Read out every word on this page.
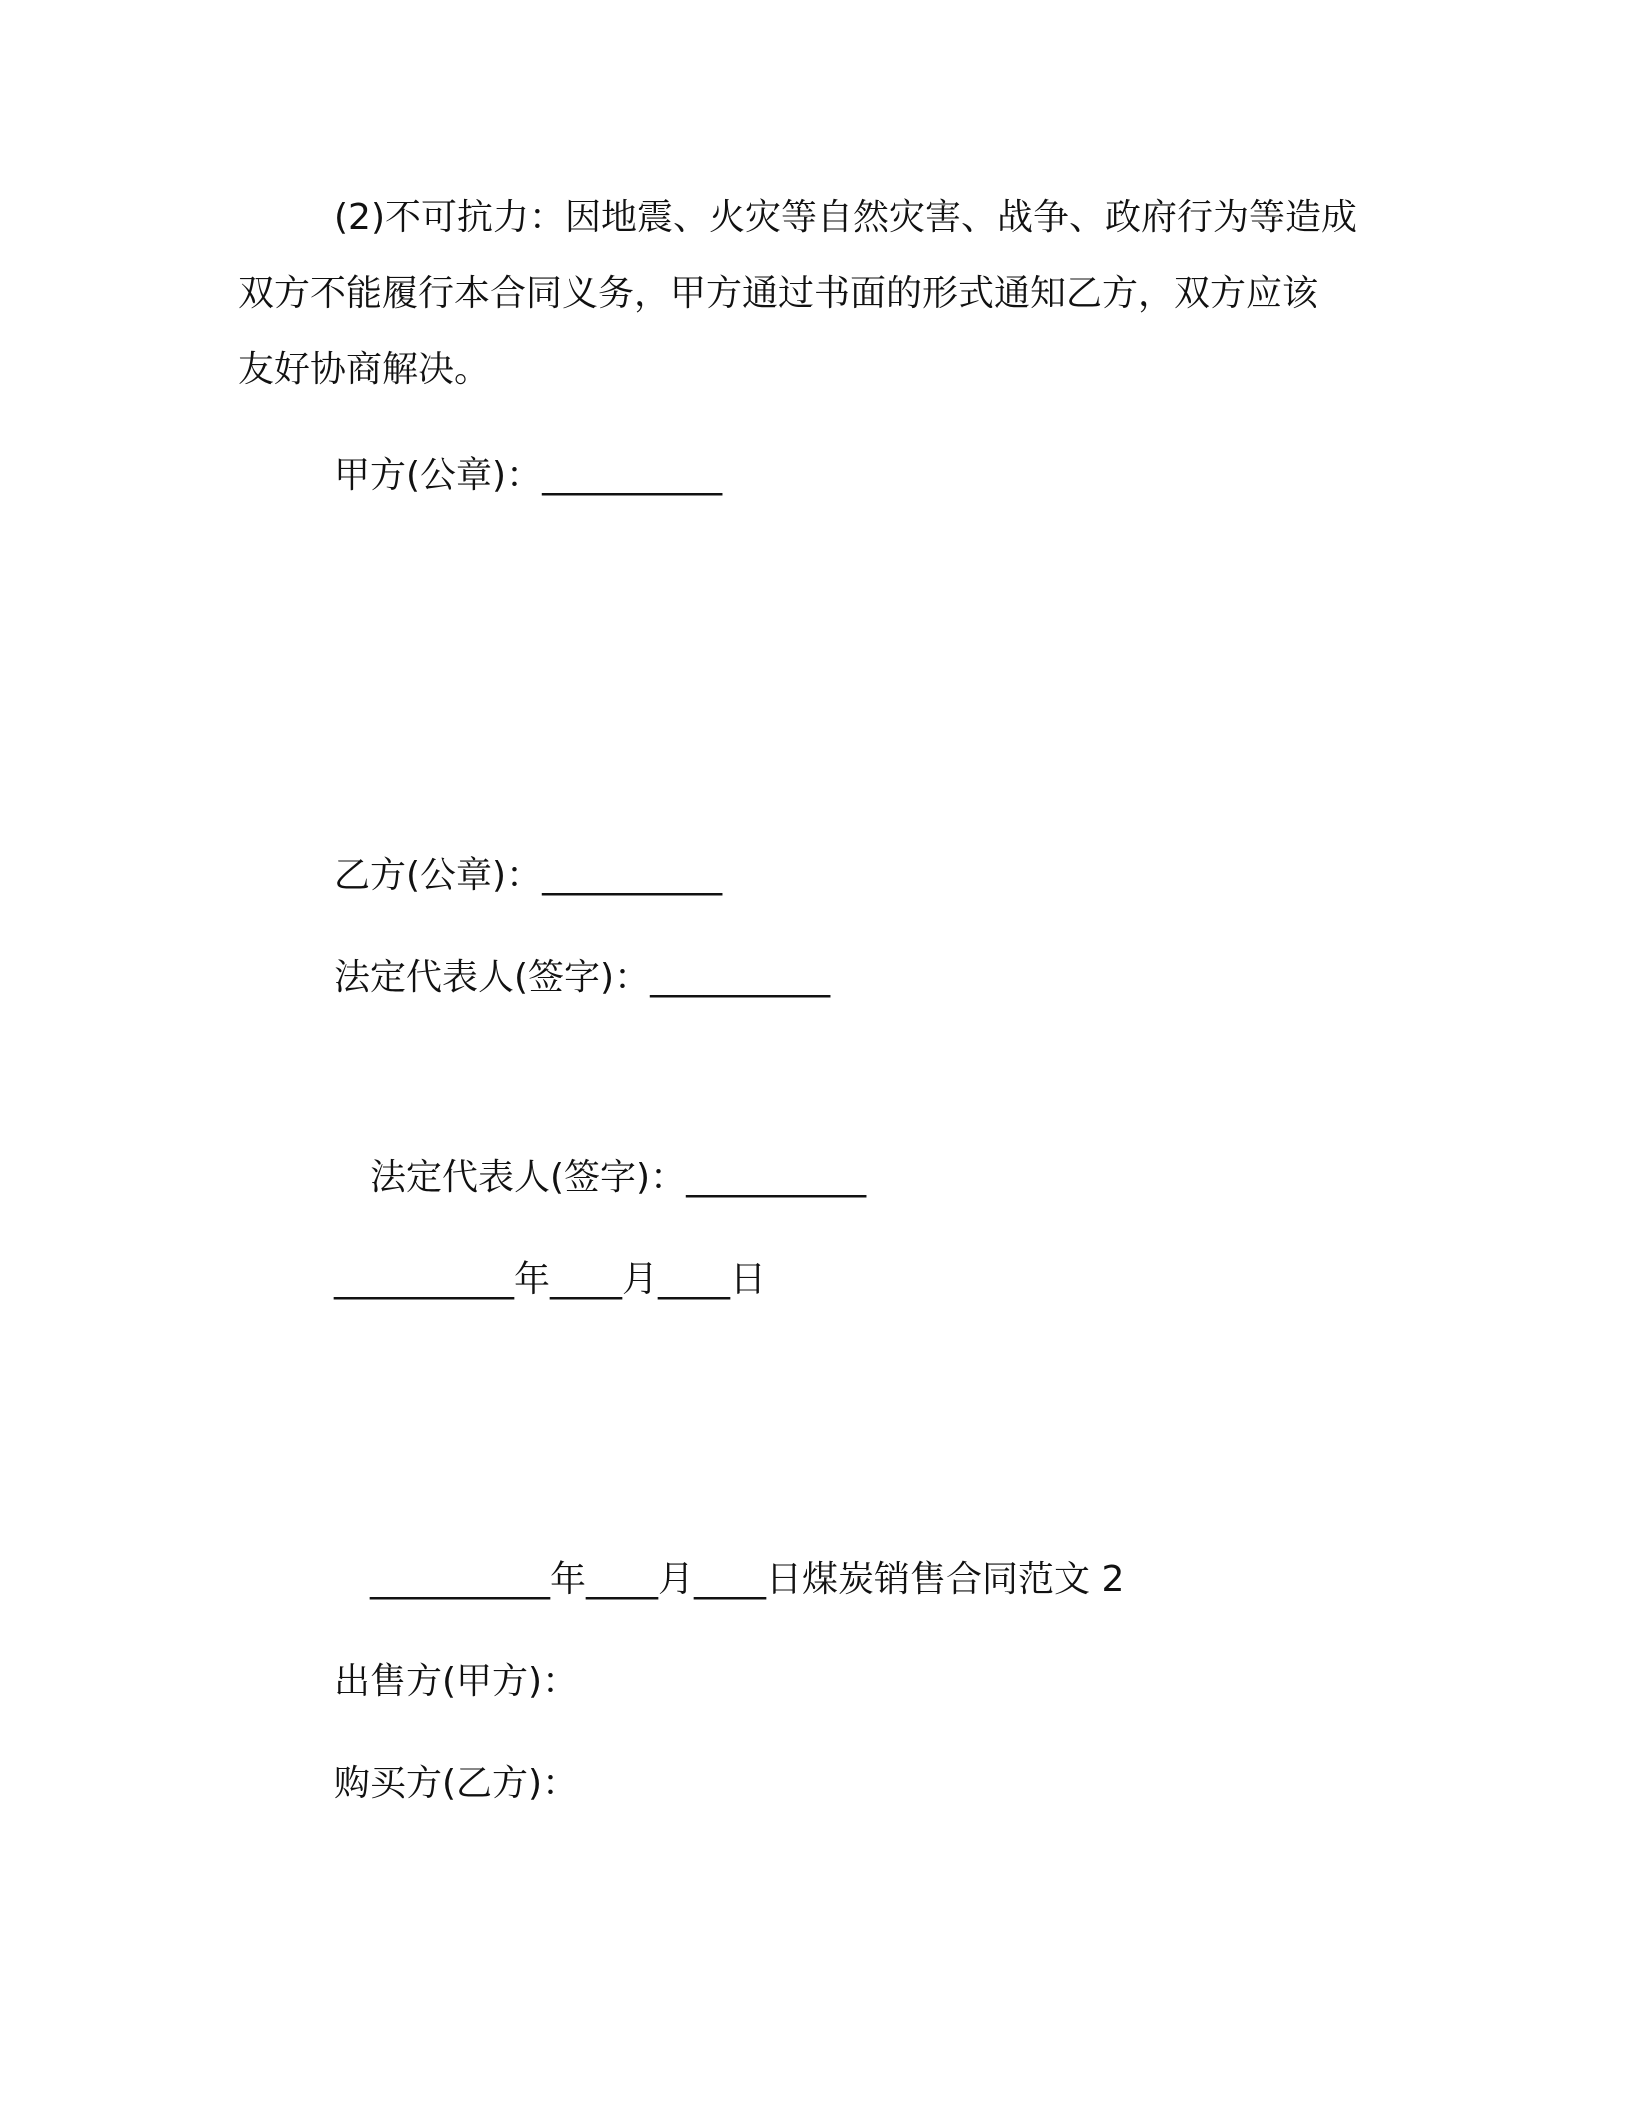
(2)不可抗力：因地震、火灾等自然灾害、战争、政府行为等造成
双方不能履行本合同义务，甲方通过书面的形式通知乙方，双方应该
友好协商解决。
甲方(公章)：__________
乙方(公章)：__________
法定代表人(签字)：__________
法定代表人(签字)：__________
__________年____月____日
__________年____月____日煤炭销售合同范文 2
出售方(甲方)：
购买方(乙方)：
